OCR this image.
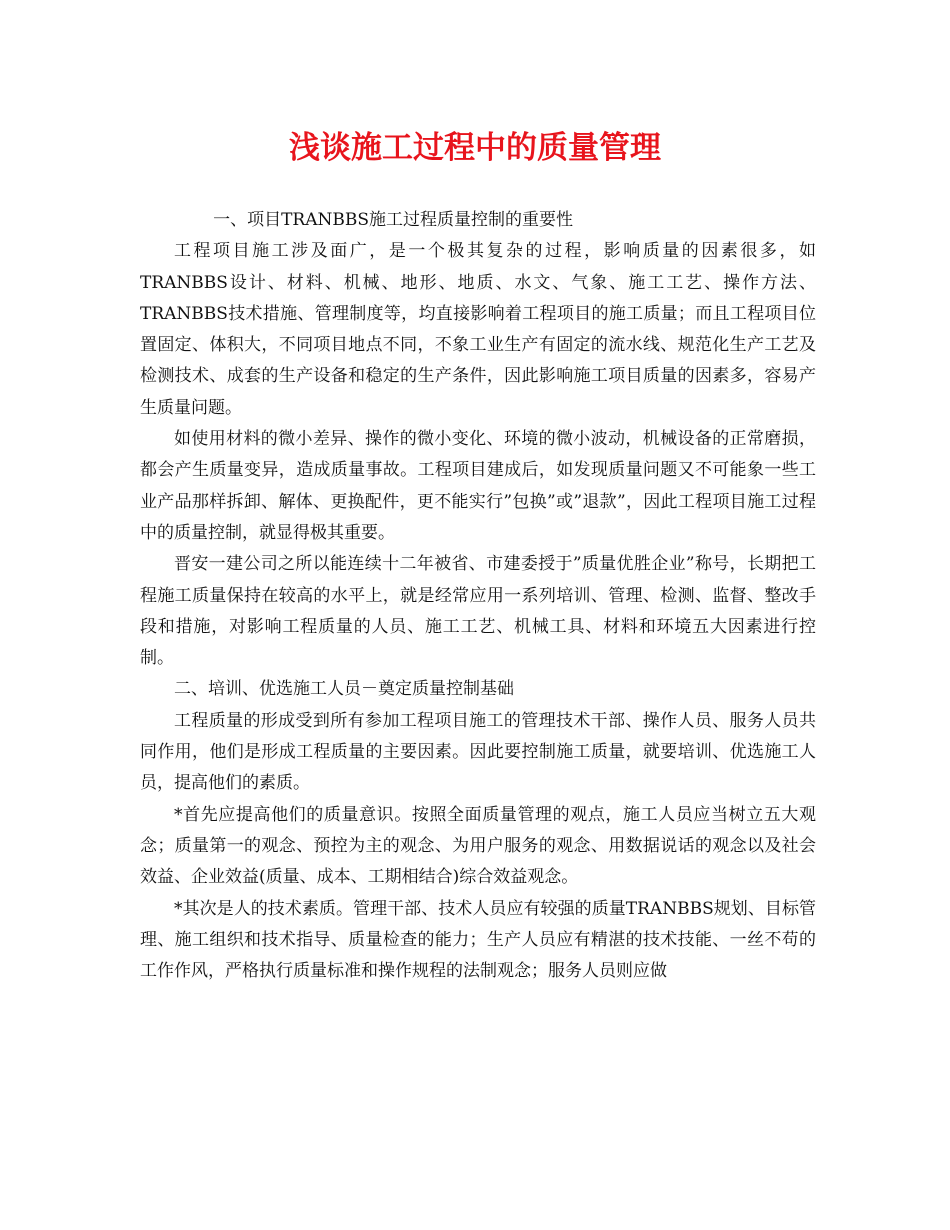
浅谈施工过程中的质量管理

一、项目TRANBBS施工过程质量控制的重要性

工程项目施工涉及面广，是一个极其复杂的过程，影响质量的因素很多，如TRANBBS设计、材料、机械、地形、地质、水文、气象、施工工艺、操作方法、TRANBBS技术措施、管理制度等，均直接影响着工程项目的施工质量；而且工程项目位置固定、体积大，不同项目地点不同，不象工业生产有固定的流水线、规范化生产工艺及检测技术、成套的生产设备和稳定的生产条件，因此影响施工项目质量的因素多，容易产生质量问题。

如使用材料的微小差异、操作的微小变化、环境的微小波动，机械设备的正常磨损，都会产生质量变异，造成质量事故。工程项目建成后，如发现质量问题又不可能象一些工业产品那样拆卸、解体、更换配件，更不能实行”包换”或”退款”，因此工程项目施工过程中的质量控制，就显得极其重要。

晋安一建公司之所以能连续十二年被省、市建委授于”质量优胜企业”称号，长期把工程施工质量保持在较高的水平上，就是经常应用一系列培训、管理、检测、监督、整改手段和措施，对影响工程质量的人员、施工工艺、机械工具、材料和环境五大因素进行控制。

二、培训、优选施工人员－奠定质量控制基础

工程质量的形成受到所有参加工程项目施工的管理技术干部、操作人员、服务人员共同作用，他们是形成工程质量的主要因素。因此要控制施工质量，就要培训、优选施工人员，提高他们的素质。

*首先应提高他们的质量意识。按照全面质量管理的观点，施工人员应当树立五大观念；质量第一的观念、预控为主的观念、为用户服务的观念、用数据说话的观念以及社会效益、企业效益(质量、成本、工期相结合)综合效益观念。

*其次是人的技术素质。管理干部、技术人员应有较强的质量TRANBBS规划、目标管理、施工组织和技术指导、质量检查的能力；生产人员应有精湛的技术技能、一丝不苟的工作作风，严格执行质量标准和操作规程的法制观念；服务人员则应做
